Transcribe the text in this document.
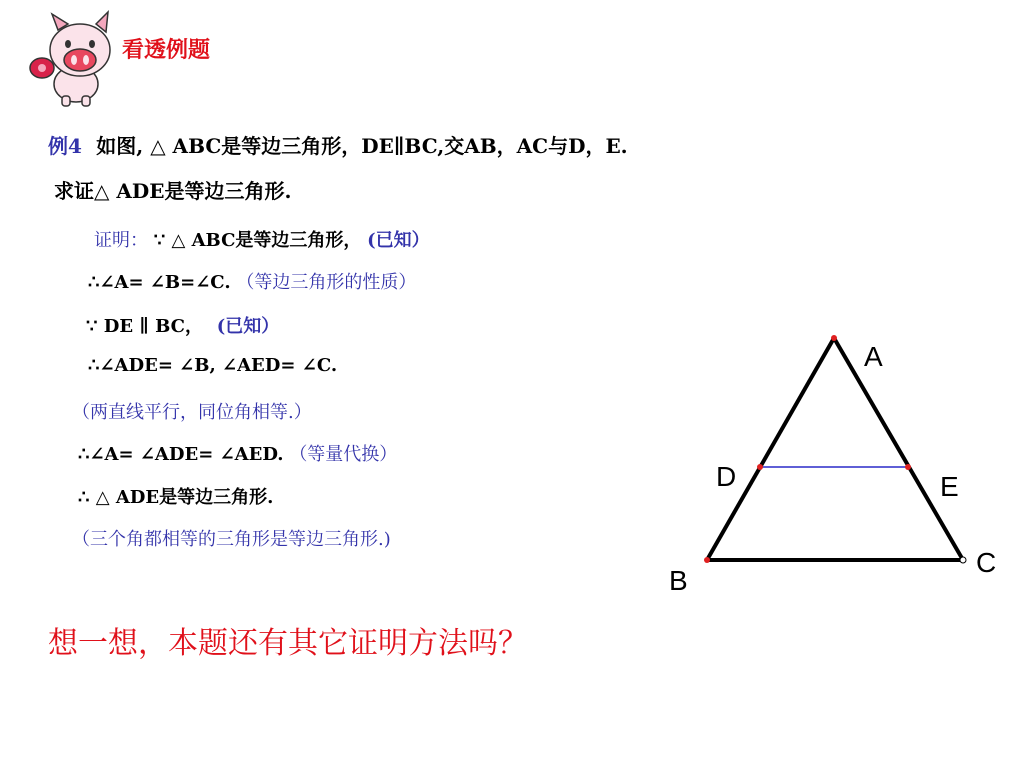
看透例题
例4 如图, △ ABC是等边三角形，DE∥BC,交AB，AC与D，E.
求证△ ADE是等边三角形.
证明： ∵ △ ABC是等边三角形， (已知）
∴∠A= ∠B=∠C. （等边三角形的性质）
∵ DE ∥ BC， (已知）
∴∠ADE= ∠B, ∠AED= ∠C.
（两直线平行，同位角相等.）
∴∠A= ∠ADE= ∠AED. （等量代换）
∴ △ ADE是等边三角形.
（三个角都相等的三角形是等边三角形.)
想一想，本题还有其它证明方法吗？
A
D	E
B
C
